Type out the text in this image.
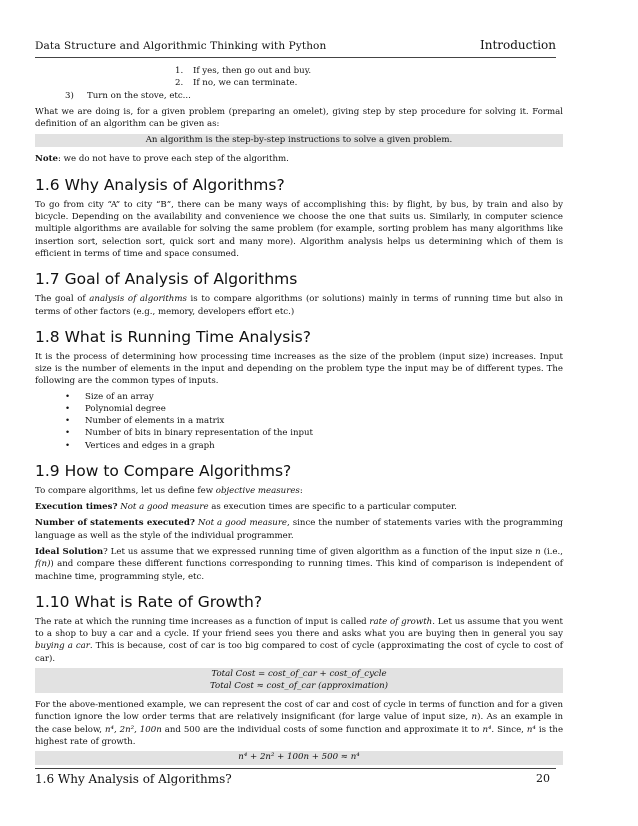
Data Structure and Algorithmic Thinking with Python	Introduction
1.	If yes, then go out and buy.
2.	If no, we can terminate.
3)	Turn on the stove, etc...

What we are doing is, for a given problem (preparing an omelet), giving step by step procedure for solving it. Formal definition of an algorithm can be given as:

An algorithm is the step-by-step instructions to solve a given problem.

Note: we do not have to prove each step of the algorithm.

1.6 Why Analysis of Algorithms?

To go from city “A” to city “B”, there can be many ways of accomplishing this: by flight, by bus, by train and also by bicycle. Depending on the availability and convenience we choose the one that suits us. Similarly, in computer science multiple algorithms are available for solving the same problem (for example, sorting problem has many algorithms like insertion sort, selection sort, quick sort and many more). Algorithm analysis helps us determining which of them is efficient in terms of time and space consumed.

1.7 Goal of Analysis of Algorithms

The goal of analysis of algorithms is to compare algorithms (or solutions) mainly in terms of running time but also in terms of other factors (e.g., memory, developers effort etc.)

1.8 What is Running Time Analysis?

It is the process of determining how processing time increases as the size of the problem (input size) increases. Input size is the number of elements in the input and depending on the problem type the input may be of different types. The following are the common types of inputs.

•	Size of an array
•	Polynomial degree
•	Number of elements in a matrix
•	Number of bits in binary representation of the input
•	Vertices and edges in a graph
1.9 How to Compare Algorithms?

To compare algorithms, let us define few objective measures:

Execution times? Not a good measure as execution times are specific to a particular computer.

Number of statements executed? Not a good measure, since the number of statements varies with the programming language as well as the style of the individual programmer.

Ideal Solution? Let us assume that we expressed running time of given algorithm as a function of the input size n (i.e., f(n)) and compare these different functions corresponding to running times. This kind of comparison is independent of machine time, programming style, etc.

1.10 What is Rate of Growth?

The rate at which the running time increases as a function of input is called rate of growth. Let us assume that you went to a shop to buy a car and a cycle. If your friend sees you there and asks what you are buying then in general you say buying a car. This is because, cost of car is too big compared to cost of cycle (approximating the cost of cycle to cost of car).

Total Cost = cost_of_car + cost_of_cycle
Total Cost ≈ cost_of_car (approximation)

For the above-mentioned example, we can represent the cost of car and cost of cycle in terms of function and for a given function ignore the low order terms that are relatively insignificant (for large value of input size, n). As an example in the case below, n⁴, 2n², 100n and 500 are the individual costs of some function and approximate it to n⁴. Since, n⁴ is the highest rate of growth.

n⁴ + 2n² + 100n + 500 ≈ n⁴
1.6 Why Analysis of Algorithms?	20
